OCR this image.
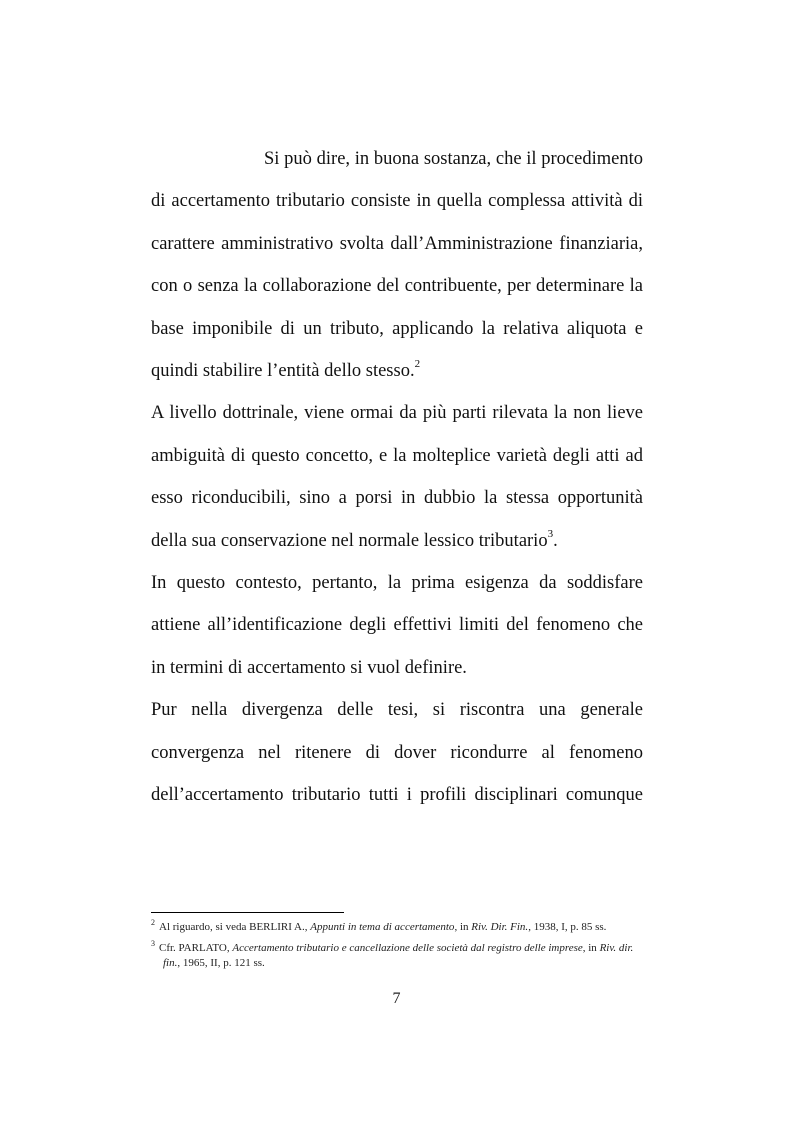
Si può dire, in buona sostanza, che il procedimento di accertamento tributario consiste in quella complessa attività di carattere amministrativo svolta dall’Amministrazione finanziaria, con o senza la collaborazione del contribuente, per determinare la base imponibile di un tributo, applicando la relativa aliquota e quindi stabilire l’entità dello stesso.$^2$

A livello dottrinale, viene ormai da più parti rilevata la non lieve ambiguità di questo concetto, e la molteplice varietà degli atti ad esso riconducibili, sino a porsi in dubbio la stessa opportunità della sua conservazione nel normale lessico tributario$^3$.

In questo contesto, pertanto, la prima esigenza da soddisfare attiene all’identificazione degli effettivi limiti del fenomeno che in termini di accertamento si vuol definire.

Pur nella divergenza delle tesi, si riscontra una generale convergenza nel ritenere di dover ricondurre al fenomeno dell’accertamento tributario tutti i profili disciplinari comunque

$^2$ Al riguardo, si veda BERLIRI A., Appunti in tema di accertamento, in Riv. Dir. Fin., 1938, I, p. 85 ss.

$^3$ Cfr. PARLATO, Accertamento tributario e cancellazione delle società dal registro delle imprese, in Riv. dir. fin., 1965, II, p. 121 ss.

7
